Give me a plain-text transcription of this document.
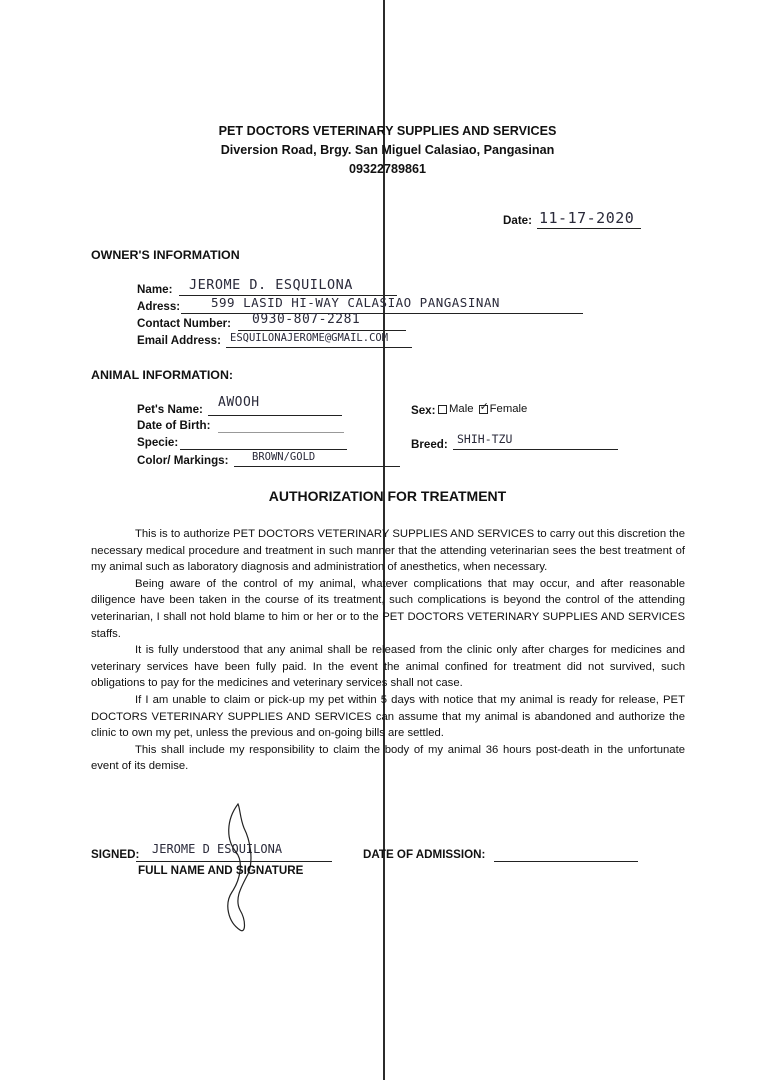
PET DOCTORS VETERINARY SUPPLIES AND SERVICES
Diversion Road, Brgy. San Miguel Calasiao, Pangasinan
09322789861
Date: 11-17-2020
OWNER'S INFORMATION
Name: JEROME D. ESQUILONA
Adress: 599 LASID HI-WAY CALASIAO PANGASINAN
Contact Number: 0930-807-2281
Email Address: ESQUILONAJEROME@GMAIL.COM
ANIMAL INFORMATION:
Pet's Name: AWOOH
Date of Birth:
Specie:
Color/ Markings: BROWN/GOLD
Sex:	Male ✓ Female
Breed: SHIH-TZU
AUTHORIZATION FOR TREATMENT

This is to authorize PET DOCTORS VETERINARY SUPPLIES AND SERVICES to carry out this discretion the necessary medical procedure and treatment in such manner that the attending veterinarian sees the best treatment of my animal such as laboratory diagnosis and administration of anesthetics, when necessary.

Being aware of the control of my animal, whatever complications that may occur, and after reasonable diligence have been taken in the course of its treatment, such complications is beyond the control of the attending veterinarian, I shall not hold blame to him or her or to the PET DOCTORS VETERINARY SUPPLIES AND SERVICES staffs.

It is fully understood that any animal shall be released from the clinic only after charges for medicines and veterinary services have been fully paid. In the event the animal confined for treatment did not survived, such obligations to pay for the medicines and veterinary services shall not case.

If I am unable to claim or pick-up my pet within 5 days with notice that my animal is ready for release, PET DOCTORS VETERINARY SUPPLIES AND SERVICES can assume that my animal is abandoned and authorize the clinic to own my pet, unless the previous and on-going bills are settled.

This shall include my responsibility to claim the body of my animal 36 hours post-death in the unfortunate event of its demise.

SIGNED: JEROME D ESQUILONA
FULL NAME AND SIGNATURE
DATE OF ADMISSION:
